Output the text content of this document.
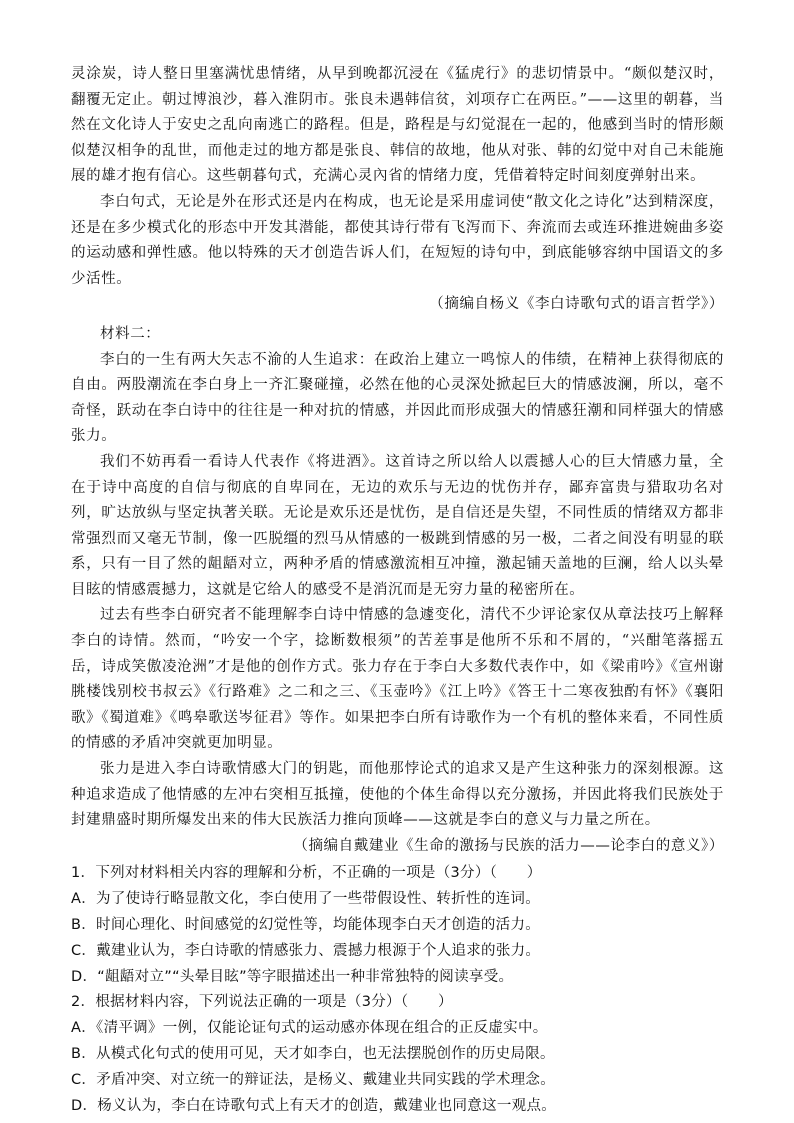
灵涂炭，诗人整日里塞满忧患情绪，从早到晚都沉浸在《猛虎行》的悲切情景中。“颇似楚汉时，翻覆无定止。朝过博浪沙，暮入淮阴市。张良未遇韩信贫，刘项存亡在两臣。”——这里的朝暮，当然在文化诗人于安史之乱向南逃亡的路程。但是，路程是与幻觉混在一起的，他感到当时的情形颇似楚汉相争的乱世，而他走过的地方都是张良、韩信的故地，他从对张、韩的幻觉中对自己未能施展的雄才抱有信心。这些朝暮句式，充满心灵內省的情绪力度，凭借着特定时间刻度弹射出来。

李白句式，无论是外在形式还是内在构成，也无论是采用虚词使“散文化之诗化”达到精深度，还是在多少模式化的形态中开发其潜能，都使其诗行带有飞泻而下、奔流而去或连环推进婉曲多姿的运动感和弹性感。他以特殊的天才创造告诉人们，在短短的诗句中，到底能够容纳中国语文的多少活性。

（摘编自杨义《李白诗歌句式的语言哲学》）

材料二：

李白的一生有两大矢志不渝的人生追求：在政治上建立一鸣惊人的伟绩，在精神上获得彻底的自由。两股潮流在李白身上一齐汇聚碰撞，必然在他的心灵深处掀起巨大的情感波澜，所以，毫不奇怪，跃动在李白诗中的往往是一种对抗的情感，并因此而形成强大的情感狂潮和同样强大的情感张力。

我们不妨再看一看诗人代表作《将进酒》。这首诗之所以给人以震撼人心的巨大情感力量，全在于诗中高度的自信与彻底的自卑同在，无边的欢乐与无边的忧伤并存，鄙弃富贵与猎取功名对列，旷达放纵与坚定执著关联。无论是欢乐还是忧伤，是自信还是失望，不同性质的情绪双方都非常强烈而又毫无节制，像一匹脱缰的烈马从情感的一极跳到情感的另一极，二者之间没有明显的联系，只有一目了然的龃龉对立，两种矛盾的情感激流相互冲撞，激起铺天盖地的巨澜，给人以头晕目眩的情感震撼力，这就是它给人的感受不是消沉而是无穷力量的秘密所在。

过去有些李白研究者不能理解李白诗中情感的急遽变化，清代不少评论家仅从章法技巧上解释李白的诗情。然而，“吟安一个字，捻断数根须”的苦差事是他所不乐和不屑的，“兴酣笔落摇五岳，诗成笑傲凌沧洲”才是他的创作方式。张力存在于李白大多数代表作中，如《梁甫吟》《宣州谢朓楼饯别校书叔云》《行路难》之二和之三、《玉壶吟》《江上吟》《答王十二寒夜独酌有怀》《襄阳歌》《蜀道难》《鸣皋歌送岑征君》等作。如果把李白所有诗歌作为一个有机的整体来看，不同性质的情感的矛盾冲突就更加明显。

张力是进入李白诗歌情感大门的钥匙，而他那悖论式的追求又是产生这种张力的深刻根源。这种追求造成了他情感的左冲右突相互抵撞，使他的个体生命得以充分激扬，并因此将我们民族处于封建鼎盛时期所爆发出来的伟大民族活力推向顶峰——这就是李白的意义与力量之所在。

（摘编自戴建业《生命的激扬与民族的活力——论李白的意义》）

1．下列对材料相关内容的理解和分析，不正确的一项是（3分）（　　）

A．为了使诗行略显散文化，李白使用了一些带假设性、转折性的连词。

B．时间心理化、时间感觉的幻觉性等，均能体现李白天才创造的活力。

C．戴建业认为，李白诗歌的情感张力、震撼力根源于个人追求的张力。

D．“龃龉对立”“头晕目眩”等字眼描述出一种非常独特的阅读享受。

2．根据材料内容，下列说法正确的一项是（3分）（　　）

A．《清平调》一例，仅能论证句式的运动感亦体现在组合的正反虚实中。

B．从模式化句式的使用可见，天才如李白，也无法摆脱创作的历史局限。

C．矛盾冲突、对立统一的辩证法，是杨义、戴建业共同实践的学术理念。

D．杨义认为，李白在诗歌句式上有天才的创造，戴建业也同意这一观点。
